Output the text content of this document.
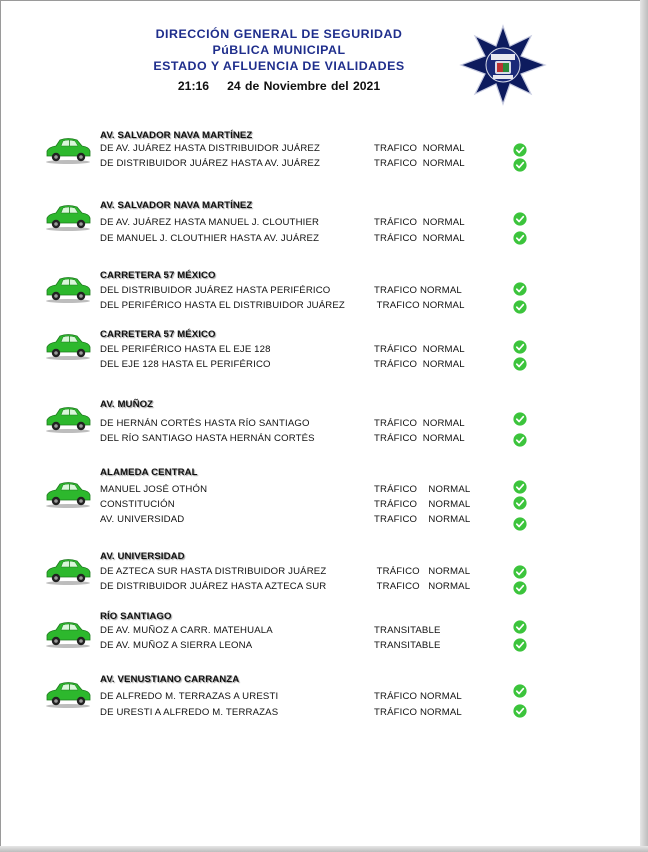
DIRECCIÓN GENERAL DE SEGURIDAD
PúBLICA MUNICIPAL
ESTADO Y AFLUENCIA DE VIALIDADES
21:16 24 de Noviembre del 2021
AV. SALVADOR NAVA MARTÍNEZ
DE AV. JUÁREZ HASTA DISTRIBUIDOR JUÁREZ	TRAFICO  NORMAL
DE DISTRIBUIDOR JUÁREZ HASTA AV. JUÁREZ	TRAFICO  NORMAL
AV. SALVADOR NAVA MARTÍNEZ
DE AV. JUÁREZ HASTA MANUEL J. CLOUTHIER	TRÁFICO  NORMAL
DE MANUEL J. CLOUTHIER HASTA AV. JUÁREZ	TRÁFICO  NORMAL
CARRETERA 57 MÉXICO
DEL DISTRIBUIDOR JUÁREZ HASTA PERIFÉRICO	TRAFICO NORMAL
DEL PERIFÉRICO HASTA EL DISTRIBUIDOR JUÁREZ	TRAFICO NORMAL
CARRETERA 57 MÉXICO
DEL PERIFÉRICO HASTA EL EJE 128	TRÁFICO  NORMAL
DEL EJE 128 HASTA EL PERIFÉRICO	TRÁFICO  NORMAL
AV. MUÑOZ
DE HERNÁN CORTÉS HASTA RÍO SANTIAGO	TRÁFICO  NORMAL
DEL RÍO SANTIAGO HASTA HERNÁN CORTÉS	TRÁFICO  NORMAL
ALAMEDA CENTRAL
MANUEL JOSÉ OTHÓN	TRÁFICO    NORMAL
CONSTITUCIÓN	TRÁFICO    NORMAL
AV. UNIVERSIDAD	TRAFICO    NORMAL
AV. UNIVERSIDAD
DE AZTECA SUR HASTA DISTRIBUIDOR JUÁREZ	TRÁFICO   NORMAL
DE DISTRIBUIDOR JUÁREZ HASTA AZTECA SUR	TRAFICO   NORMAL
RÍO SANTIAGO
DE AV. MUÑOZ A CARR. MATEHUALA	TRANSITABLE
DE AV. MUÑOZ A SIERRA LEONA	TRANSITABLE
AV. VENUSTIANO CARRANZA
DE ALFREDO M. TERRAZAS A URESTI	TRÁFICO NORMAL
DE URESTI A ALFREDO M. TERRAZAS	TRÁFICO NORMAL
